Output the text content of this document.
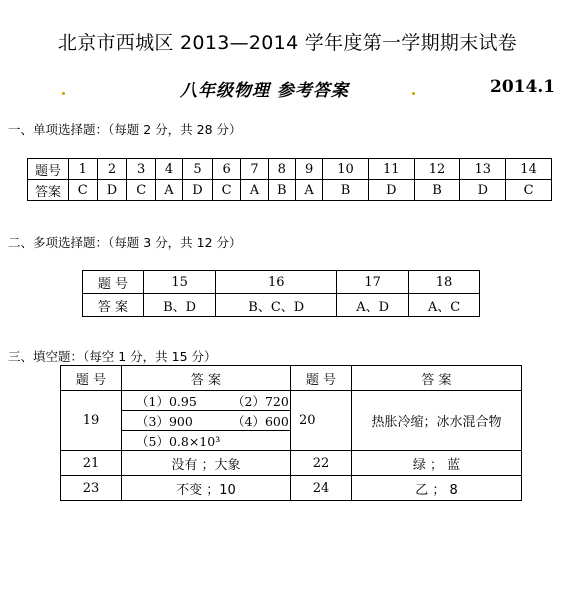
北京市西城区 2013—2014 学年度第一学期期末试卷
八年级物理 参考答案	2014.1
一、单项选择题：（每题 2 分，共 28 分）
题号	1	2	3	4	5	6	7	8	9	10	11	12	13	14
答案	C	D	C	A	D	C	A	B	A	B	D	B	D	C
二、多项选择题：（每题 3 分，共 12 分）
题 号	15	16	17	18
答 案	B、D	B、C、D	A、D	A、C
三、填空题：（每空 1 分，共 15 分）
题 号	答 案	题 号	答 案
19	（1）0.95 （2）720	20	热胀冷缩；冰水混合物
	（3）900 （4）600		
	（5）0.8×10³		
21	没有 ；大象	22	绿 ； 蓝
23	不变 ；10	24	乙 ； 8
